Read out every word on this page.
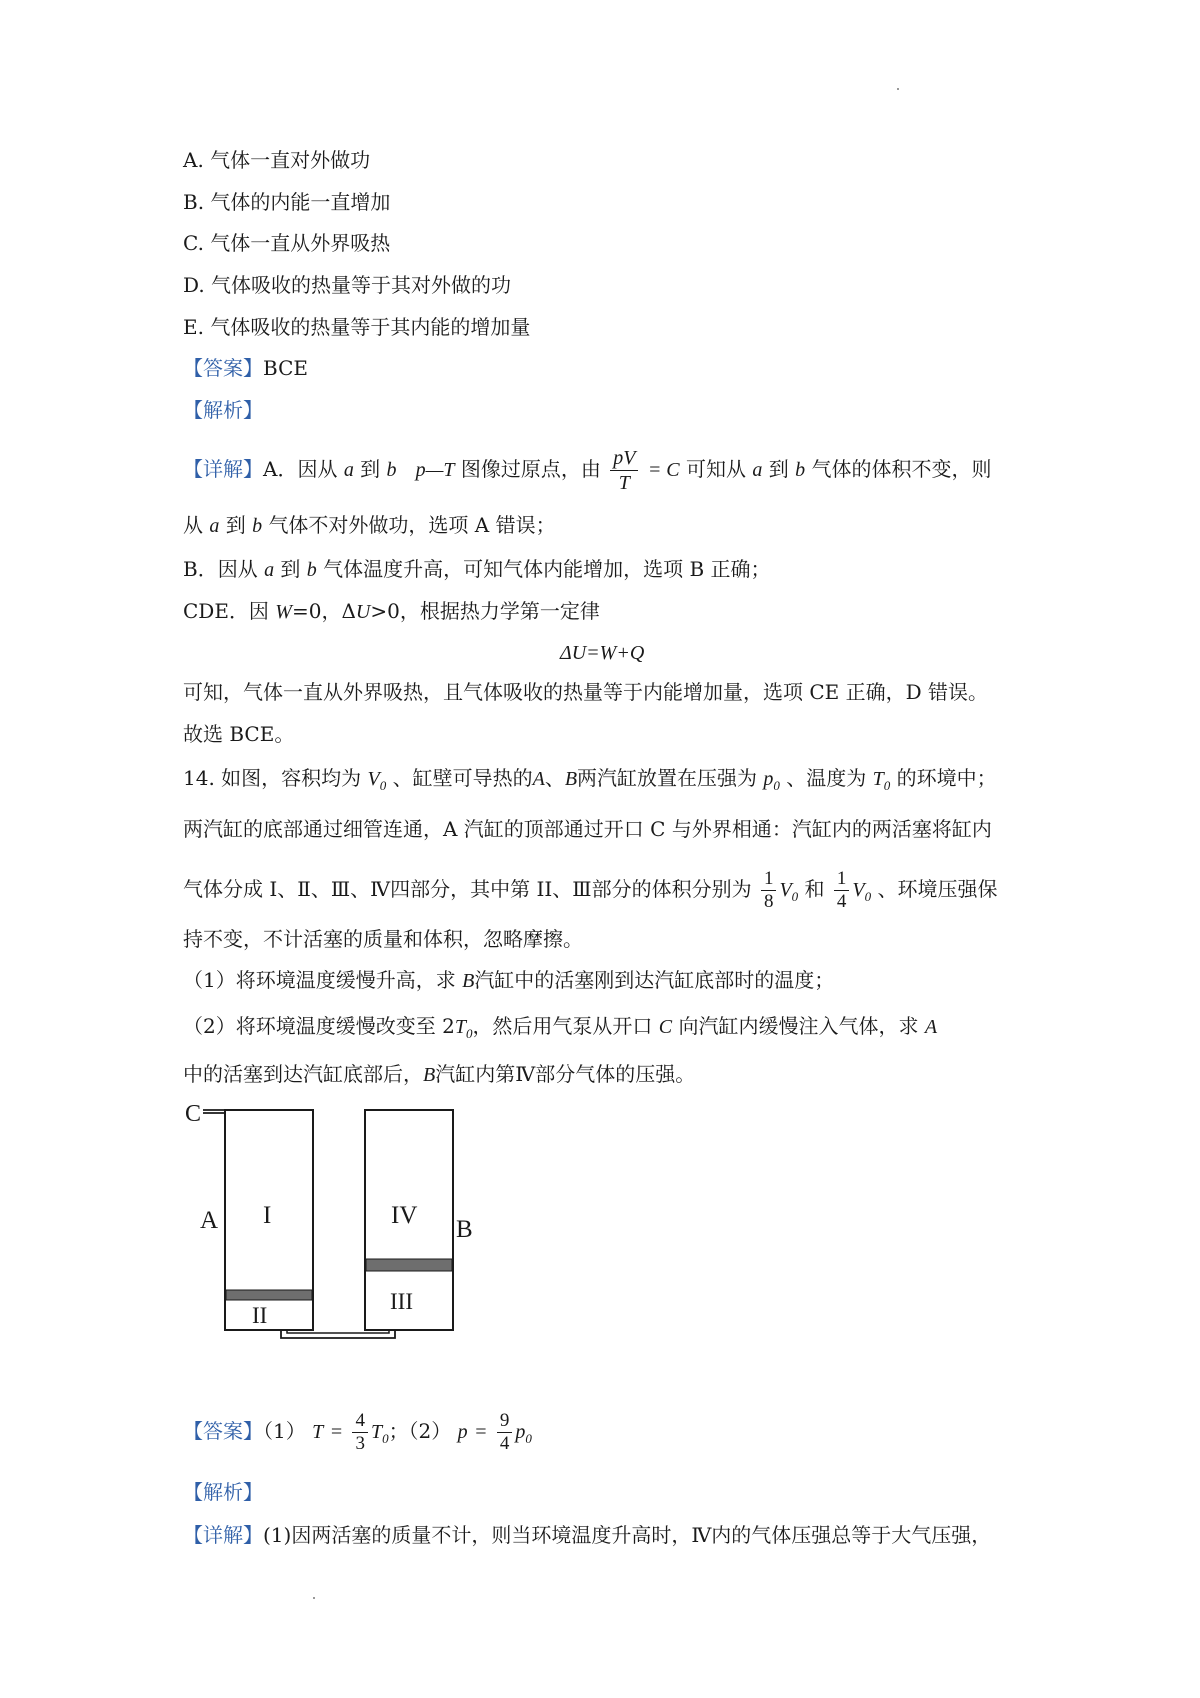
A. 气体一直对外做功
B. 气体的内能一直增加
C. 气体一直从外界吸热
D. 气体吸收的热量等于其对外做的功
E. 气体吸收的热量等于其内能的增加量
【答案】BCE
【解析】
【详解】A．因从 a 到 b p—T 图像过原点，由 $\frac{pV}{T} = C$ 可知从 a 到 b 气体的体积不变，则
从 a 到 b 气体不对外做功，选项 A 错误；
B．因从 a 到 b 气体温度升高，可知气体内能增加，选项 B 正确；
CDE．因 W=0，ΔU>0，根据热力学第一定律
ΔU=W+Q
可知，气体一直从外界吸热，且气体吸收的热量等于内能增加量，选项 CE 正确，D 错误。
故选 BCE。
14. 如图，容积均为 $V_0$ 、缸壁可导热的A、B两汽缸放置在压强为 $p_0$ 、温度为 $T_0$ 的环境中；
两汽缸的底部通过细管连通，A 汽缸的顶部通过开口 C 与外界相通：汽缸内的两活塞将缸内
气体分成 I、Ⅱ、Ⅲ、Ⅳ四部分，其中第 II、Ⅲ部分的体积分别为 $\frac{1}{8} V_0$ 和 $\frac{1}{4} V_0$ 、环境压强保
持不变，不计活塞的质量和体积，忽略摩擦。
（1）将环境温度缓慢升高，求 B汽缸中的活塞刚到达汽缸底部时的温度；
（2）将环境温度缓慢改变至 $2T_0$，然后用气泵从开口 C 向汽缸内缓慢注入气体，求 A
中的活塞到达汽缸底部后，B汽缸内第Ⅳ部分气体的压强。
C
A I
II
B
IV
III
【答案】（1） $T = \frac{4}{3} T_0$；（2） $p = \frac{9}{4} p_0$
【解析】
【详解】(1)因两活塞的质量不计，则当环境温度升高时，Ⅳ内的气体压强总等于大气压强，
